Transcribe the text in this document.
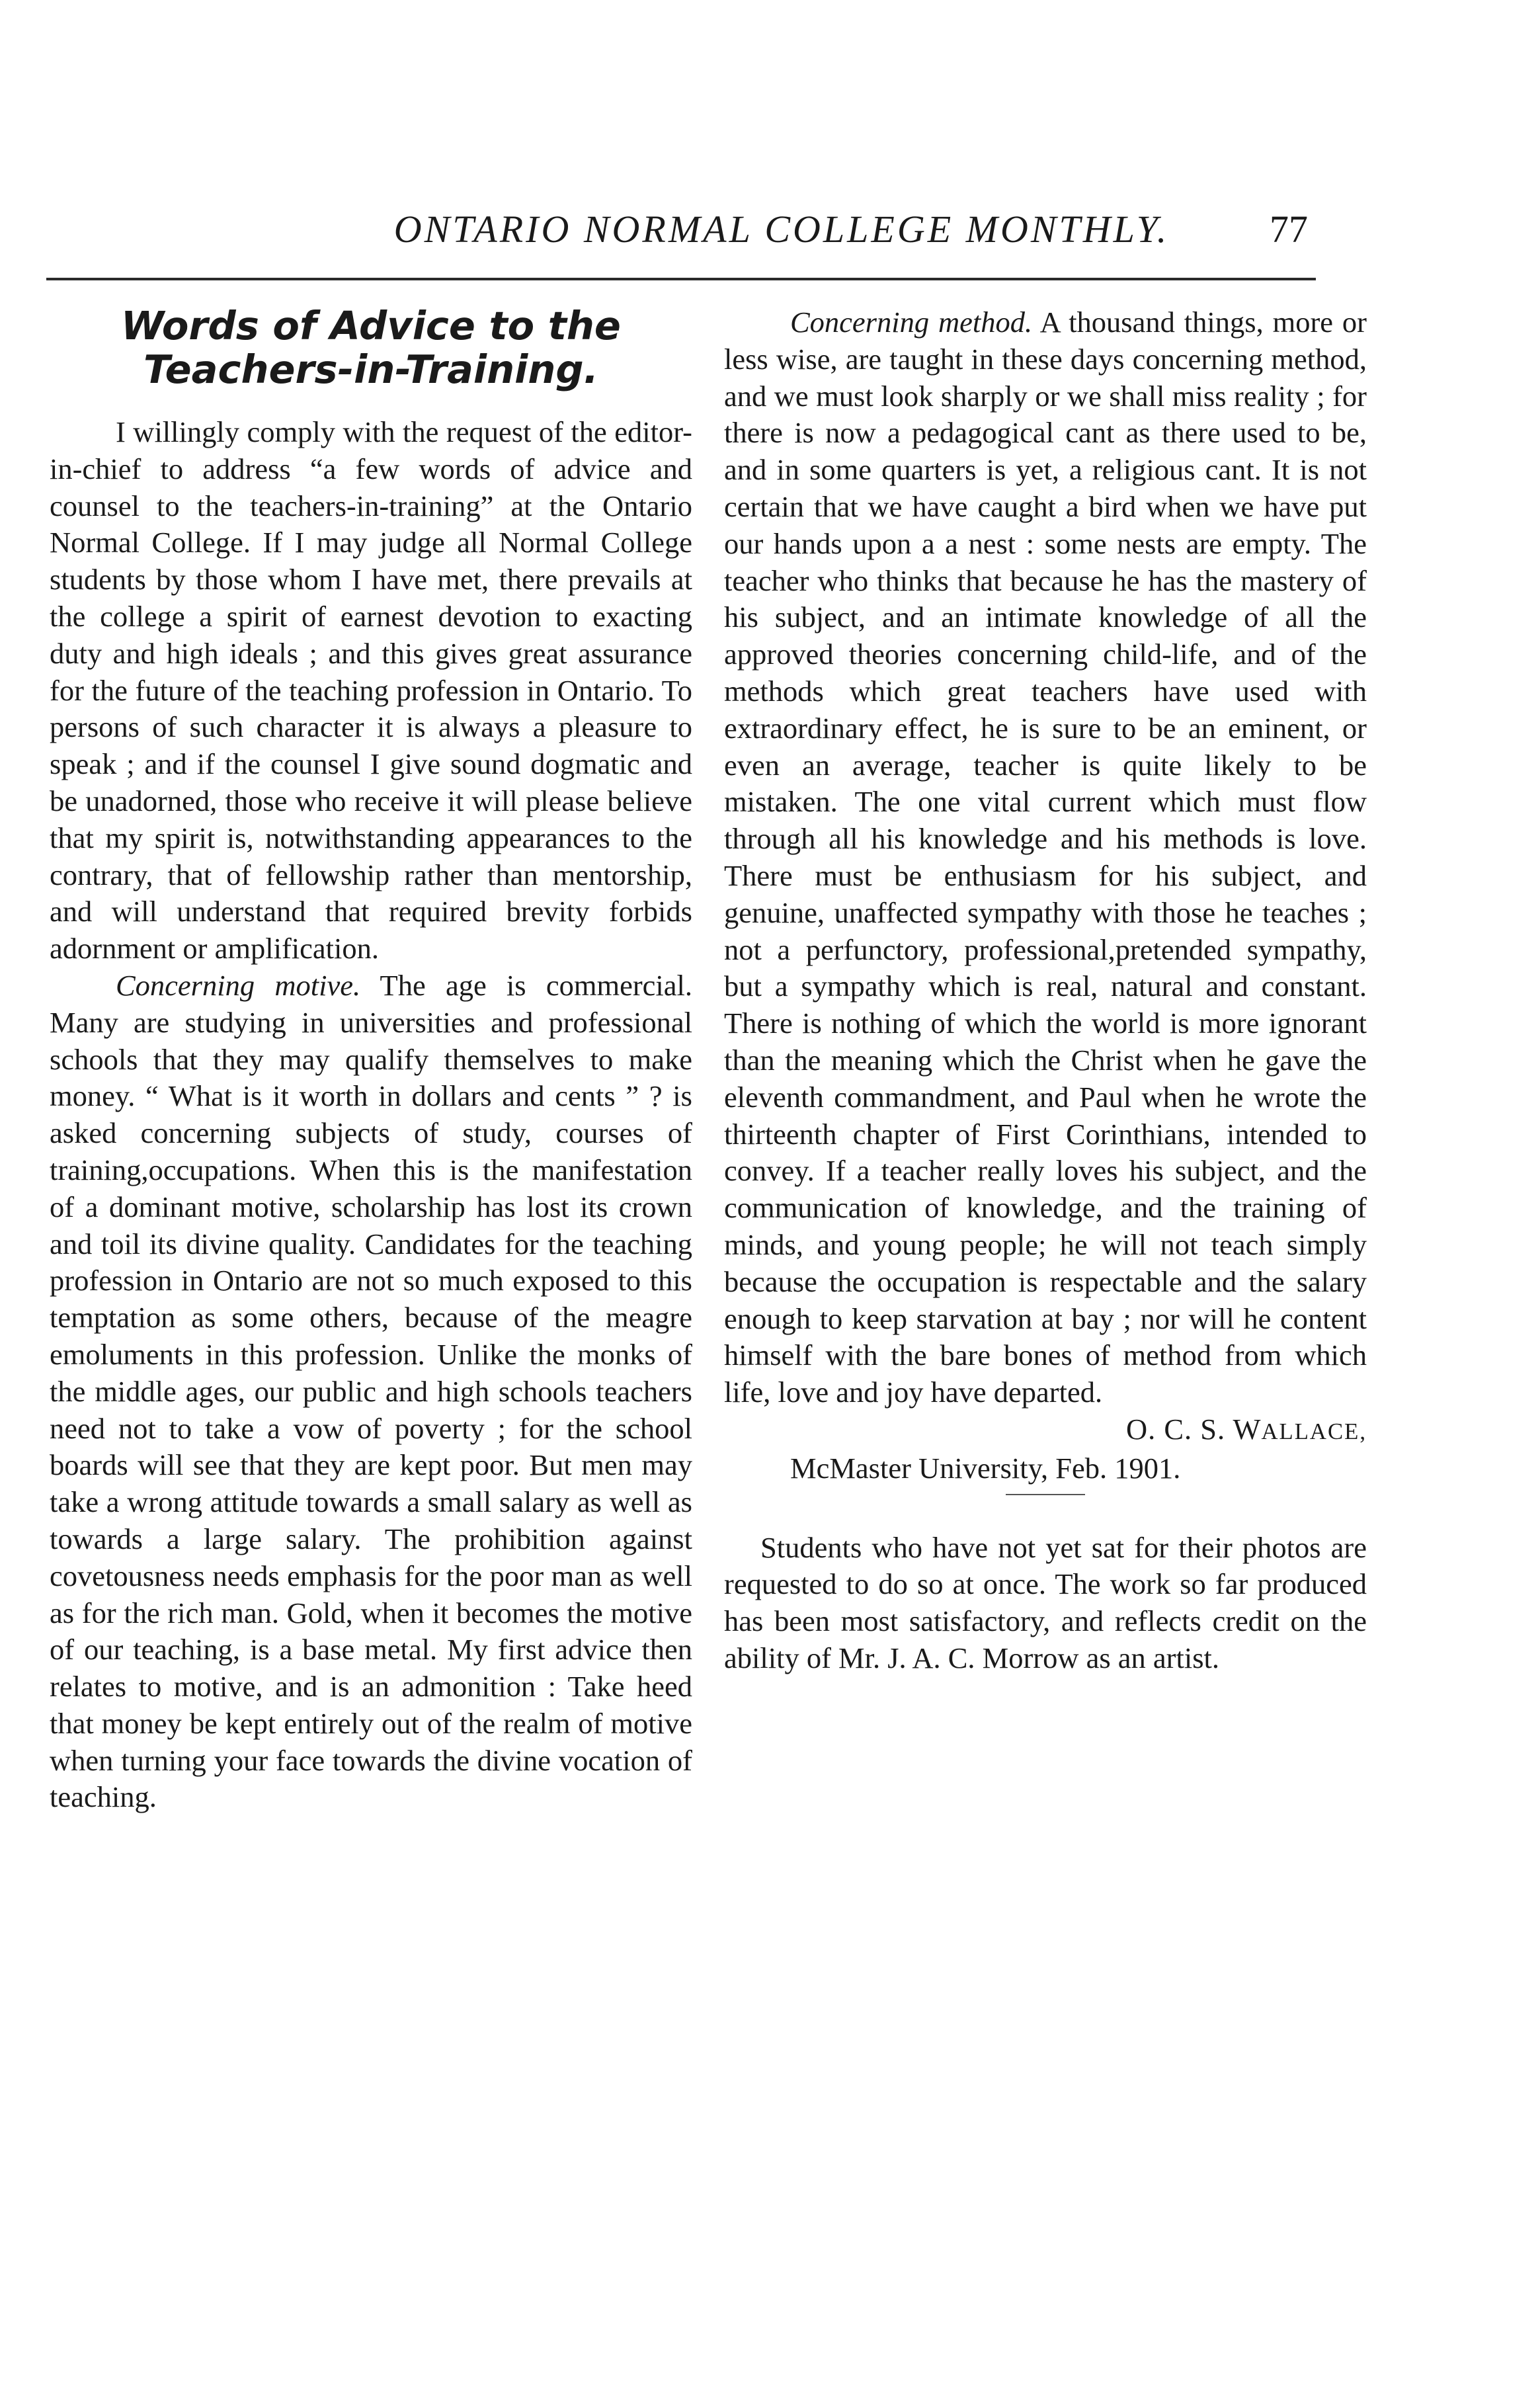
ONTARIO NORMAL COLLEGE MONTHLY.	77
Words of Advice to the Teachers-in-Training.

I willingly comply with the request of the editor-in-chief to address “a few words of advice and counsel to the teachers-in-training” at the Ontario Normal College. If I may judge all Normal College students by those whom I have met, there prevails at the college a spirit of earnest devotion to exacting duty and high ideals ; and this gives great assurance for the future of the teaching profession in Ontario. To persons of such character it is always a pleasure to speak ; and if the counsel I give sound dogmatic and be unadorned, those who receive it will please believe that my spirit is, notwithstanding appearances to the contrary, that of fellowship rather than mentorship, and will understand that required brevity forbids adornment or amplification.

Concerning motive. The age is commercial. Many are studying in universities and professional schools that they may qualify themselves to make money. “ What is it worth in dollars and cents ” ? is asked concerning subjects of study, courses of training,occupations. When this is the manifestation of a dominant motive, scholarship has lost its crown and toil its divine quality. Candidates for the teaching profession in Ontario are not so much exposed to this temptation as some others, because of the meagre emoluments in this profession. Unlike the monks of the middle ages, our public and high schools teachers need not to take a vow of poverty ; for the school boards will see that they are kept poor. But men may take a wrong attitude towards a small salary as well as towards a large salary. The prohibition against covetousness needs emphasis for the poor man as well as for the rich man. Gold, when it becomes the motive of our teaching, is a base metal. My first advice then relates to motive, and is an admonition : Take heed that money be kept entirely out of the realm of motive when turning your face towards the divine vocation of teaching.

Concerning method. A thousand things, more or less wise, are taught in these days concerning method, and we must look sharply or we shall miss reality ; for there is now a pedagogical cant as there used to be, and in some quarters is yet, a religious cant. It is not certain that we have caught a bird when we have put our hands upon a a nest : some nests are empty. The teacher who thinks that because he has the mastery of his subject, and an intimate knowledge of all the approved theories concerning child-life, and of the methods which great teachers have used with extraordinary effect, he is sure to be an eminent, or even an average, teacher is quite likely to be mistaken. The one vital current which must flow through all his knowledge and his methods is love. There must be enthusiasm for his subject, and genuine, unaffected sympathy with those he teaches ; not a perfunctory, professional,pretended sympathy, but a sympathy which is real, natural and constant. There is nothing of which the world is more ignorant than the meaning which the Christ when he gave the eleventh commandment, and Paul when he wrote the thirteenth chapter of First Corinthians, intended to convey. If a teacher really loves his subject, and the communication of knowledge, and the training of minds, and young people; he will not teach simply because the occupation is respectable and the salary enough to keep starvation at bay ; nor will he content himself with the bare bones of method from which life, love and joy have departed.
O. C. S. WALLACE,
McMaster University, Feb. 1901.

Students who have not yet sat for their photos are requested to do so at once. The work so far produced has been most satisfactory, and reflects credit on the ability of Mr. J. A. C. Morrow as an artist.
